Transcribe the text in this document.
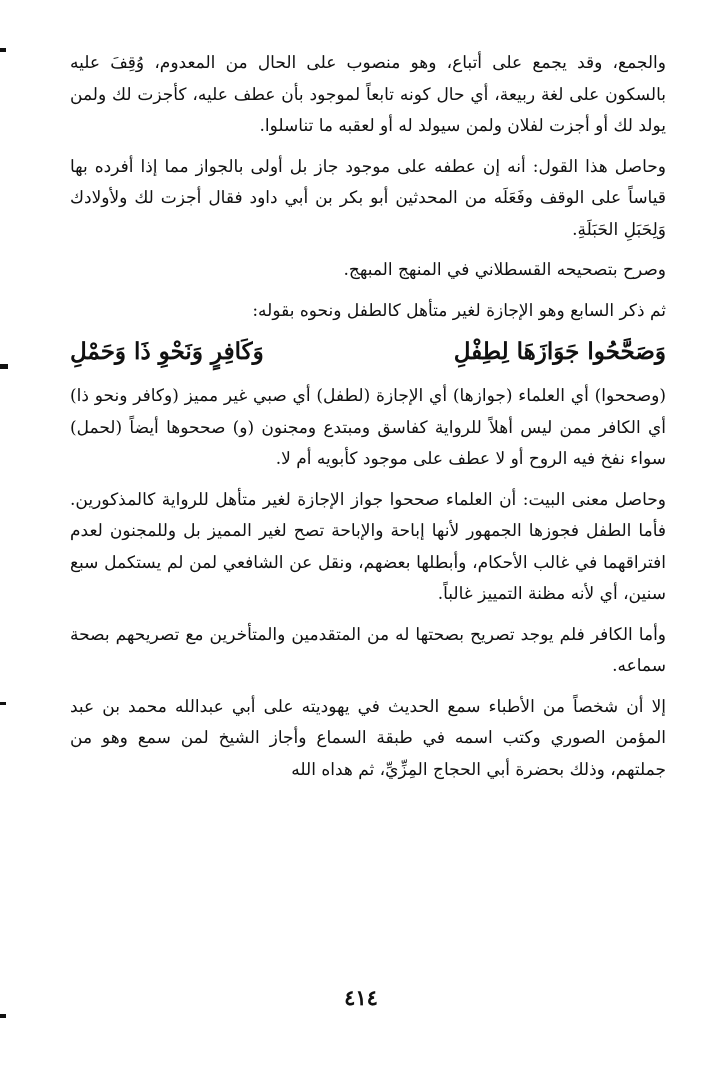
والجمع، وقد يجمع على أتباع، وهو منصوب على الحال من المعدوم، وُقِفَ عليه بالسكون على لغة ربيعة، أي حال كونه تابعاً لموجود بأن عطف عليه، كأجزت لك ولمن يولد لك أو أجزت لفلان ولمن سيولد له أو لعقبه ما تناسلوا.

وحاصل هذا القول: أنه إن عطفه على موجود جاز بل أولى بالجواز مما إذا أفرده بها قياساً على الوقف وفَعَلَه من المحدثين أبو بكر بن أبي داود فقال أجزت لك ولأولادك وَلِحَبَلِ الحَبَلَةِ.

وصرح بتصحيحه القسطلاني في المنهج المبهج.

ثم ذكر السابع وهو الإجازة لغير متأهل كالطفل ونحوه بقوله:

وَصَحَّحُوا جَوَازَهَا لِطِفْلِ
وَكَافِرٍ وَنَحْوِ ذَا وَحَمْلِ

(وصححوا) أي العلماء (جوازها) أي الإجازة (لطفل) أي صبي غير مميز (وكافر ونحو ذا) أي الكافر ممن ليس أهلاً للرواية كفاسق ومبتدع ومجنون (و) صححوها أيضاً (لحمل) سواء نفخ فيه الروح أو لا عطف على موجود كأبويه أم لا.

وحاصل معنى البيت: أن العلماء صححوا جواز الإجازة لغير متأهل للرواية كالمذكورين. فأما الطفل فجوزها الجمهور لأنها إباحة والإباحة تصح لغير المميز بل وللمجنون لعدم افتراقهما في غالب الأحكام، وأبطلها بعضهم، ونقل عن الشافعي لمن لم يستكمل سبع سنين، أي لأنه مظنة التمييز غالباً.

وأما الكافر فلم يوجد تصريح بصحتها له من المتقدمين والمتأخرين مع تصريحهم بصحة سماعه.

إلا أن شخصاً من الأطباء سمع الحديث في يهوديته على أبي عبدالله محمد بن عبد المؤمن الصوري وكتب اسمه في طبقة السماع وأجاز الشيخ لمن سمع وهو من جملتهم، وذلك بحضرة أبي الحجاج المِزِّيِّ، ثم هداه الله

٤١٤
